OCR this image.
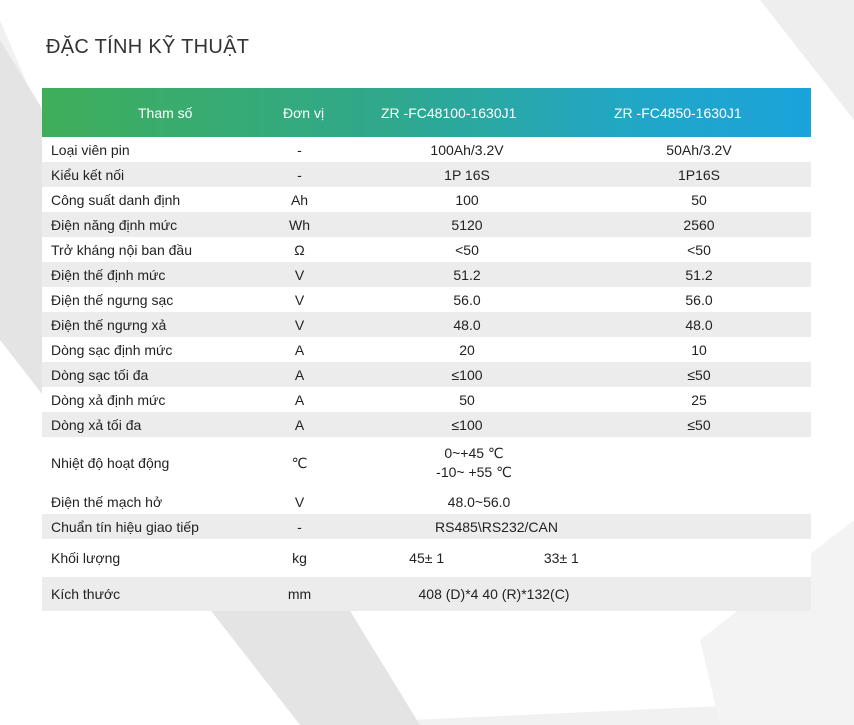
ĐẶC TÍNH KỸ THUẬT
Tham số	Đơn vị	ZR -FC48100-1630J1	ZR -FC4850-1630J1
Loại viên pin	-	100Ah/3.2V	50Ah/3.2V
Kiểu kết nối	-	1P 16S	1P16S
Công suất danh định	Ah	100	50
Điện năng định mức	Wh	5120	2560
Trở kháng nội ban đầu	Ω	<50	<50
Điện thế định mức	V	51.2	51.2
Điện thế ngưng sạc	V	56.0	56.0
Điện thế ngưng xả	V	48.0	48.0
Dòng sạc định mức	A	20	10
Dòng sạc tối đa	A	≤100	≤50
Dòng xả định mức	A	50	25
Dòng xả tối đa	A	≤100	≤50
Nhiệt độ hoạt động	℃	0~+45 ℃
-10~ +55 ℃	

Điện thế mạch hở	V	48.0~56.0	
Chuẩn tín hiệu giao tiếp	-	RS485\RS232/CAN	
Khối lượng	kg	45± 1 33± 1	
Kích thước	mm	408 (D)*4 40 (R)*132(C)	
